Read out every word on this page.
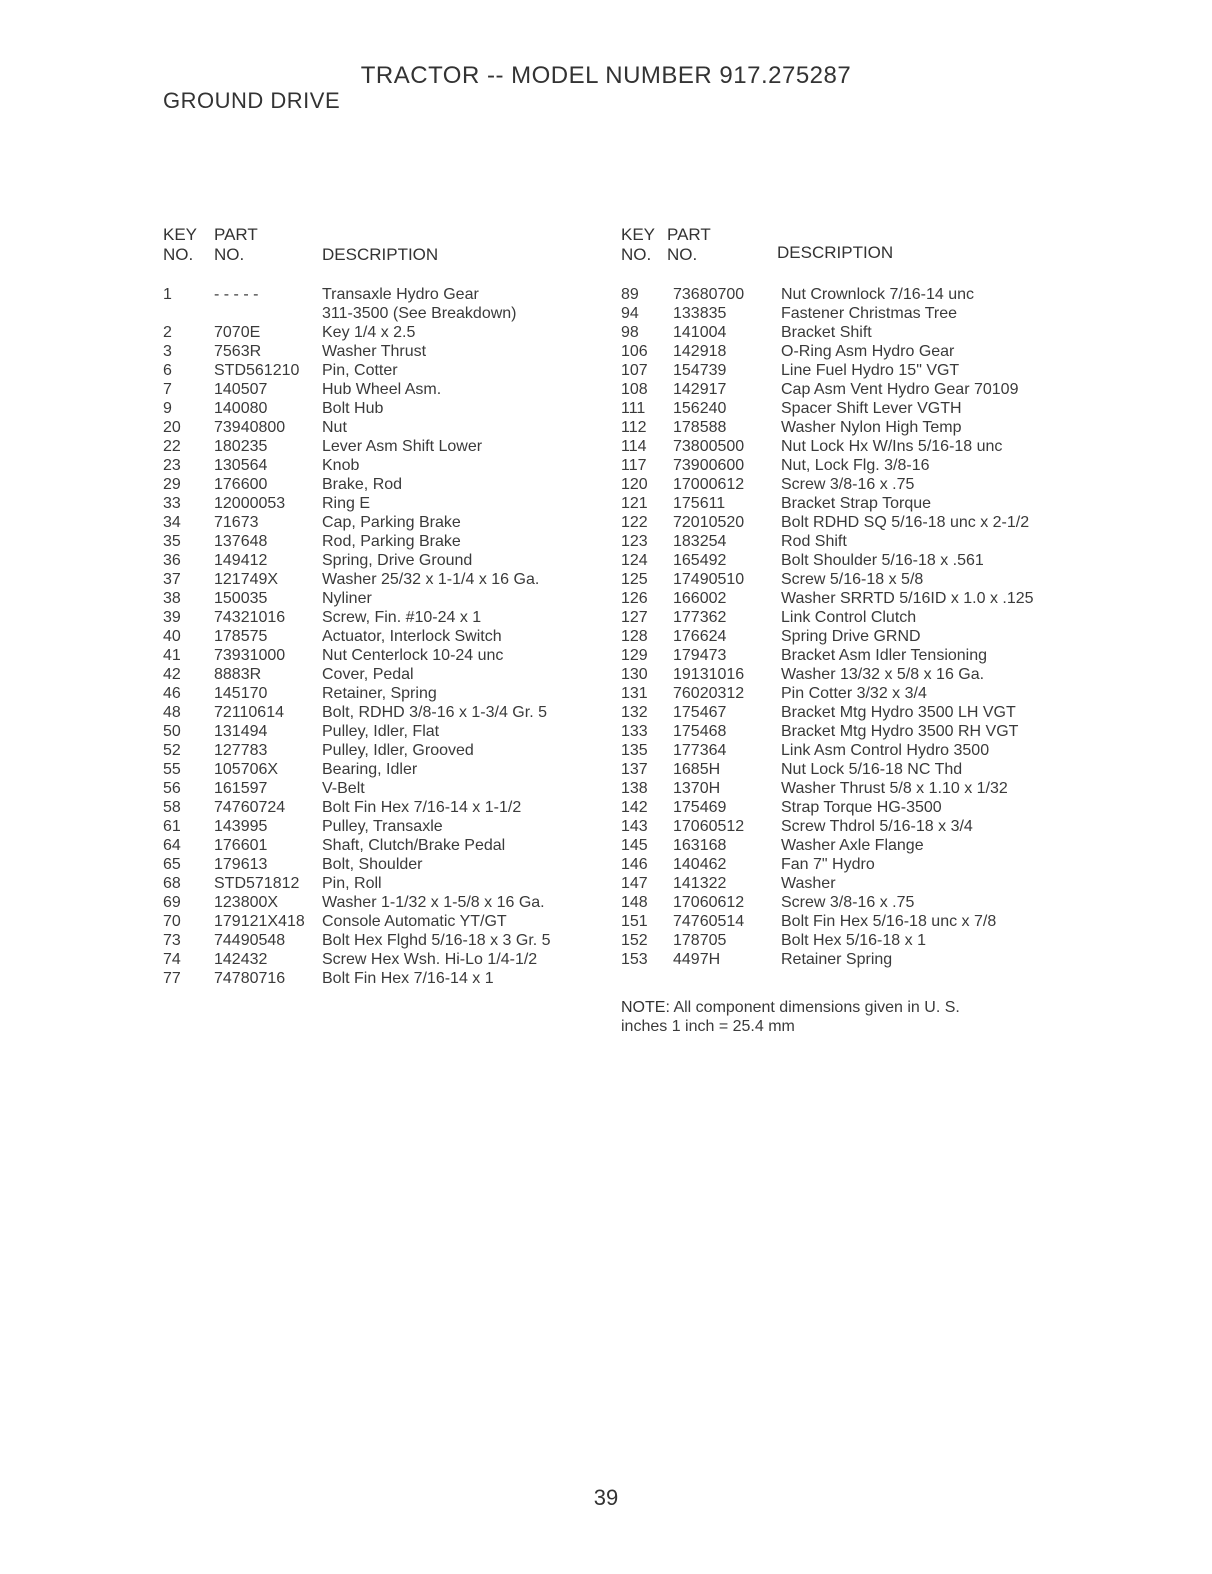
TRACTOR -- MODEL NUMBER 917.275287
GROUND DRIVE
KEY
NO.
PART
NO.	DESCRIPTION
KEY
NO.
PART
NO.	DESCRIPTION
1	- - - - -	Transaxle Hydro Gear
311-3500 (See Breakdown)
2	7070E	Key 1/4 x 2.5
3	7563R	Washer Thrust
6	STD561210 Pin, Cotter
7	140507	Hub Wheel Asm.
9	140080	Bolt Hub
20 73940800 Nut
22 180235	Lever Asm Shift Lower
23 130564	Knob
29 176600	Brake, Rod
33 12000053 Ring E
34 71673	Cap, Parking Brake
35 137648	Rod, Parking Brake
36 149412	Spring, Drive Ground
37 121749X	Washer 25/32 x 1-1/4 x 16 Ga.
38 150035	Nyliner
39 74321016 Screw, Fin. #10-24 x 1
40 178575	Actuator, Interlock Switch
41 73931000 Nut Centerlock 10-24 unc
42 8883R	Cover, Pedal
46 145170	Retainer, Spring
48 72110614 Bolt, RDHD 3/8-16 x 1-3/4 Gr. 5
50 131494	Pulley, Idler, Flat
52 127783	Pulley, Idler, Grooved
55 105706X	Bearing, Idler
56 161597	V-Belt
58 74760724 Bolt Fin Hex 7/16-14 x 1-1/2
61 143995	Pulley, Transaxle
64 176601	Shaft, Clutch/Brake Pedal
65 179613	Bolt, Shoulder
68 STD571812 Pin, Roll
69 123800X	Washer 1-1/32 x 1-5/8 x 16 Ga.
70 179121X418 Console Automatic YT/GT
73 74490548 Bolt Hex Flghd 5/16-18 x 3 Gr. 5
74 142432	Screw Hex Wsh. Hi-Lo 1/4-1/2
77 74780716 Bolt Fin Hex 7/16-14 x 1
89 73680700 Nut Crownlock 7/16-14 unc
94 133835	Fastener Christmas Tree
98 141004	Bracket Shift
106 142918	O-Ring Asm Hydro Gear
107 154739	Line Fuel Hydro 15" VGT
108 142917	Cap Asm Vent Hydro Gear 70109
111 156240	Spacer Shift Lever VGTH
112 178588	Washer Nylon High Temp
114 73800500 Nut Lock Hx W/Ins 5/16-18 unc
117 73900600 Nut, Lock Flg. 3/8-16
120 17000612 Screw 3/8-16 x .75
121 175611	Bracket Strap Torque
122 72010520 Bolt RDHD SQ 5/16-18 unc x 2-1/2
123 183254	Rod Shift
124 165492	Bolt Shoulder 5/16-18 x .561
125 17490510 Screw 5/16-18 x 5/8
126 166002	Washer SRRTD 5/16ID x 1.0 x .125
127 177362	Link Control Clutch
128 176624	Spring Drive GRND
129 179473	Bracket Asm Idler Tensioning
130 19131016 Washer 13/32 x 5/8 x 16 Ga.
131 76020312 Pin Cotter 3/32 x 3/4
132 175467	Bracket Mtg Hydro 3500 LH VGT
133 175468	Bracket Mtg Hydro 3500 RH VGT
135 177364	Link Asm Control Hydro 3500
137 1685H	Nut Lock 5/16-18 NC Thd
138 1370H	Washer Thrust 5/8 x 1.10 x 1/32
142 175469	Strap Torque HG-3500
143 17060512 Screw Thdrol 5/16-18 x 3/4
145 163168	Washer Axle Flange
146 140462	Fan 7" Hydro
147 141322	Washer
148 17060612 Screw 3/8-16 x .75
151 74760514 Bolt Fin Hex 5/16-18 unc x 7/8
152 178705	Bolt Hex 5/16-18 x 1
153 4497H	Retainer Spring
NOTE: All component dimensions given in U. S.
inches 1 inch = 25.4 mm
39
